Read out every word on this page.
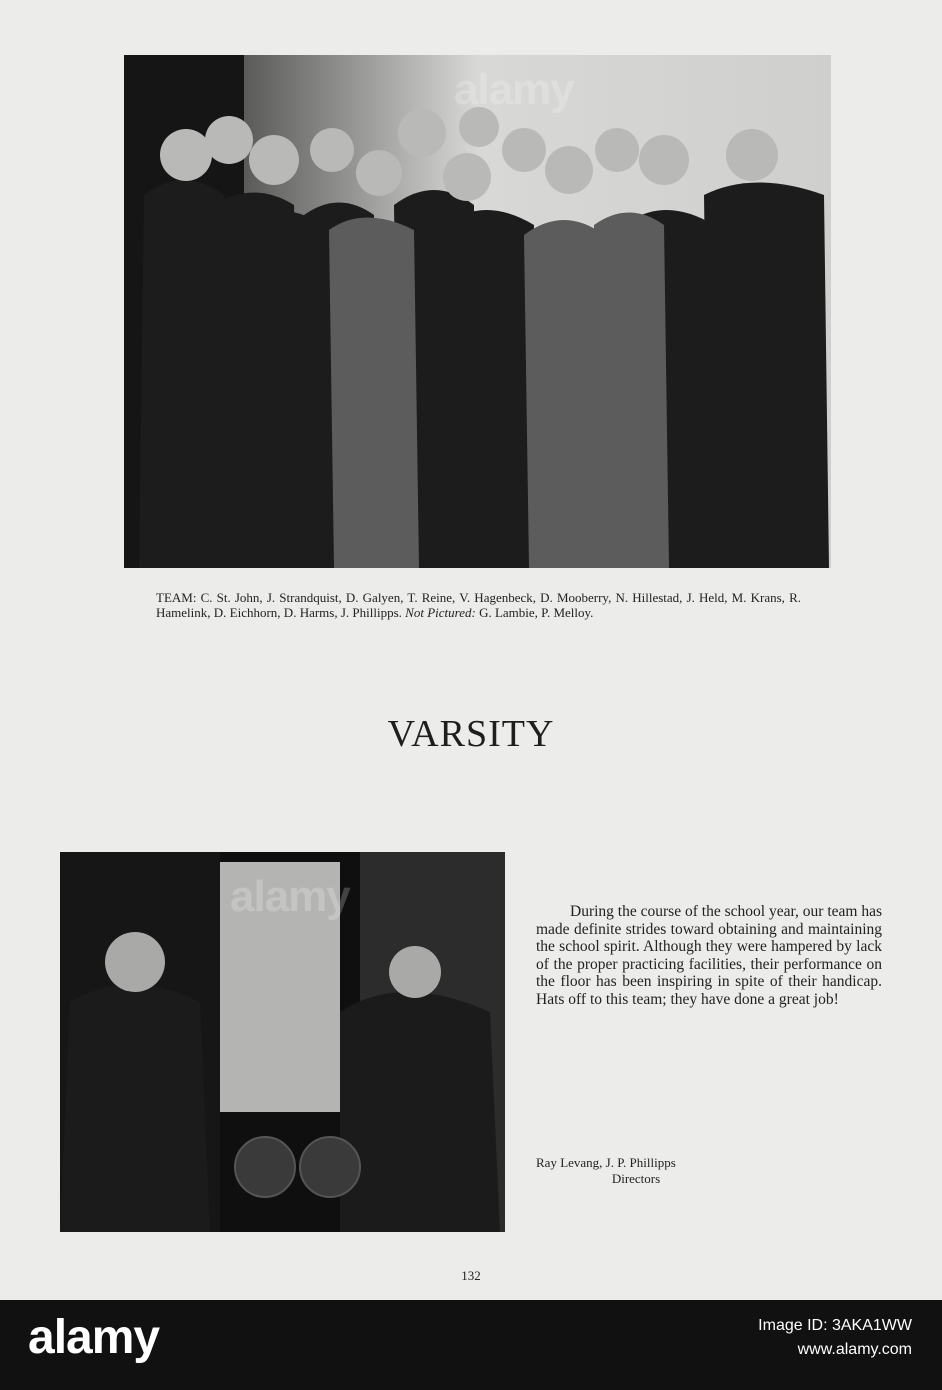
alamy
TEAM: C. St. John, J. Strandquist, D. Galyen, T. Reine, V. Hagenbeck, D. Mooberry, N. Hillestad, J. Held, M. Krans, R. Hamelink, D. Eichhorn, D. Harms, J. Phillipps. Not Pictured: G. Lambie, P. Melloy.
VARSITY
alamy	During the course of the school year, our team has made definite strides toward obtaining and maintaining the school spirit. Although they were hampered by lack of the proper practicing facilities, their performance on the floor has been inspiring in spite of their handicap. Hats off to this team; they have done a great job!
Ray Levang, J. P. Phillipps
Directors
132
alamy	Image ID: 3AKA1WW
www.alamy.com
